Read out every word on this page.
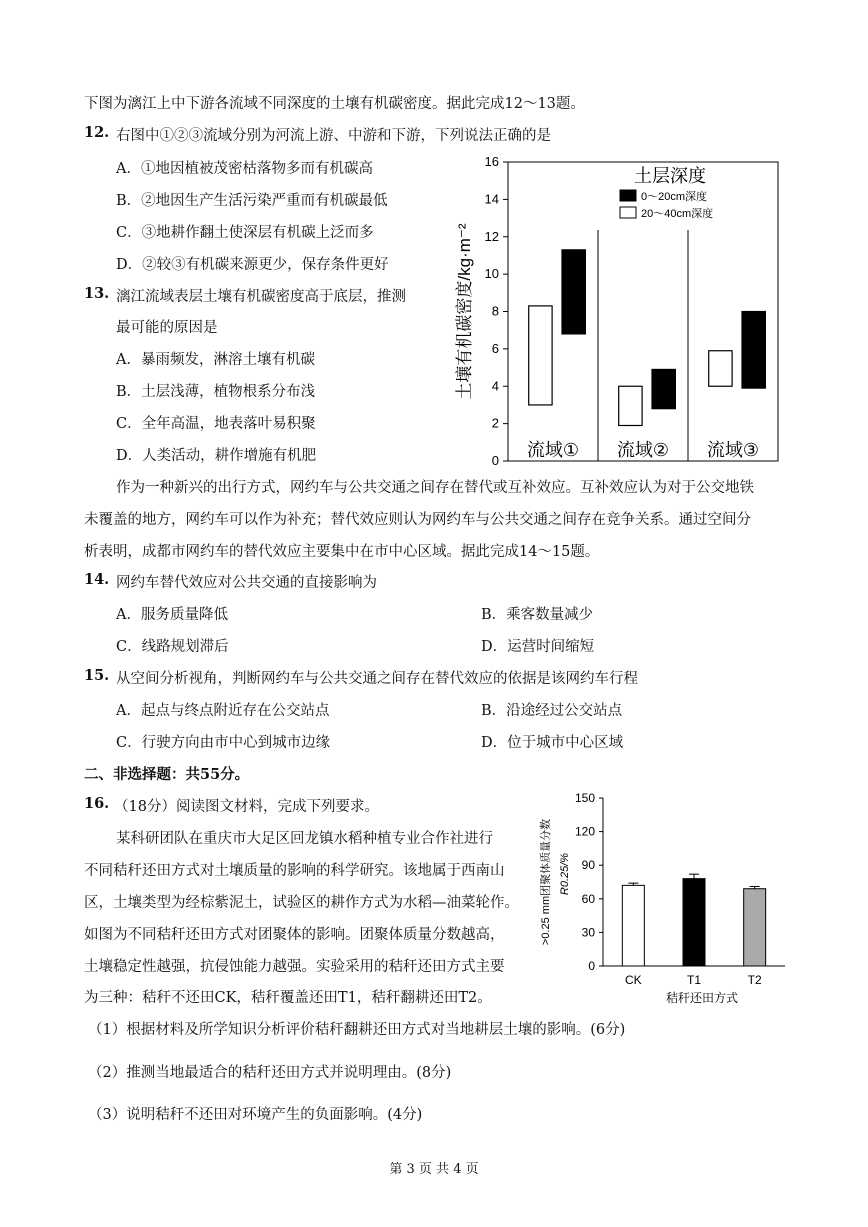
下图为漓江上中下游各流域不同深度的土壤有机碳密度。据此完成12～13题。
12. 右图中①②③流域分别为河流上游、中游和下游，下列说法正确的是
A．①地因植被茂密枯落物多而有机碳高
B．②地因生产生活污染严重而有机碳最低
C．③地耕作翻土使深层有机碳上泛而多
D．②较③有机碳来源更少，保存条件更好
13. 漓江流域表层土壤有机碳密度高于底层，推测
最可能的原因是
A．暴雨频发，淋溶土壤有机碳
B．土层浅薄，植物根系分布浅
C．全年高温，地表落叶易积聚
D．人类活动，耕作增施有机肥	0
2
4
6
8
10
12
14
16
土壤有机碳密度/kg·m⁻²
流域① 流域② 流域③
土层深度
0～20cm深度
20～40cm深度
作为一种新兴的出行方式，网约车与公共交通之间存在替代或互补效应。互补效应认为对于公交地铁
未覆盖的地方，网约车可以作为补充；替代效应则认为网约车与公共交通之间存在竞争关系。通过空间分
析表明，成都市网约车的替代效应主要集中在市中心区域。据此完成14～15题。
14. 网约车替代效应对公共交通的直接影响为
A．服务质量降低	B．乘客数量减少
C．线路规划滞后	D．运营时间缩短
15. 从空间分析视角，判断网约车与公共交通之间存在替代效应的依据是该网约车行程
A．起点与终点附近存在公交站点	B．沿途经过公交站点
C．行驶方向由市中心到城市边缘	D．位于城市中心区域
二、非选择题：共55分。
16. （18分）阅读图文材料，完成下列要求。
某科研团队在重庆市大足区回龙镇水稻种植专业合作社进行
不同秸秆还田方式对土壤质量的影响的科学研究。该地属于西南山
区，土壤类型为经棕紫泥土，试验区的耕作方式为水稻—油菜轮作。
如图为不同秸秆还田方式对团聚体的影响。团聚体质量分数越高，
土壤稳定性越强，抗侵蚀能力越强。实验采用的秸秆还田方式主要
为三种：秸秆不还田CK，秸秆覆盖还田T1，秸秆翻耕还田T2。
（1）根据材料及所学知识分析评价秸秆翻耕还田方式对当地耕层土壤的影响。(6分)
（2）推测当地最适合的秸秆还田方式并说明理由。(8分)
（3）说明秸秆不还田对环境产生的负面影响。(4分)
0
30
60
90
120
150
>0.25 mm团聚体质量分数 R0.25/%
CK	T1	T2
秸秆还田方式
第 3 页 共 4 页
